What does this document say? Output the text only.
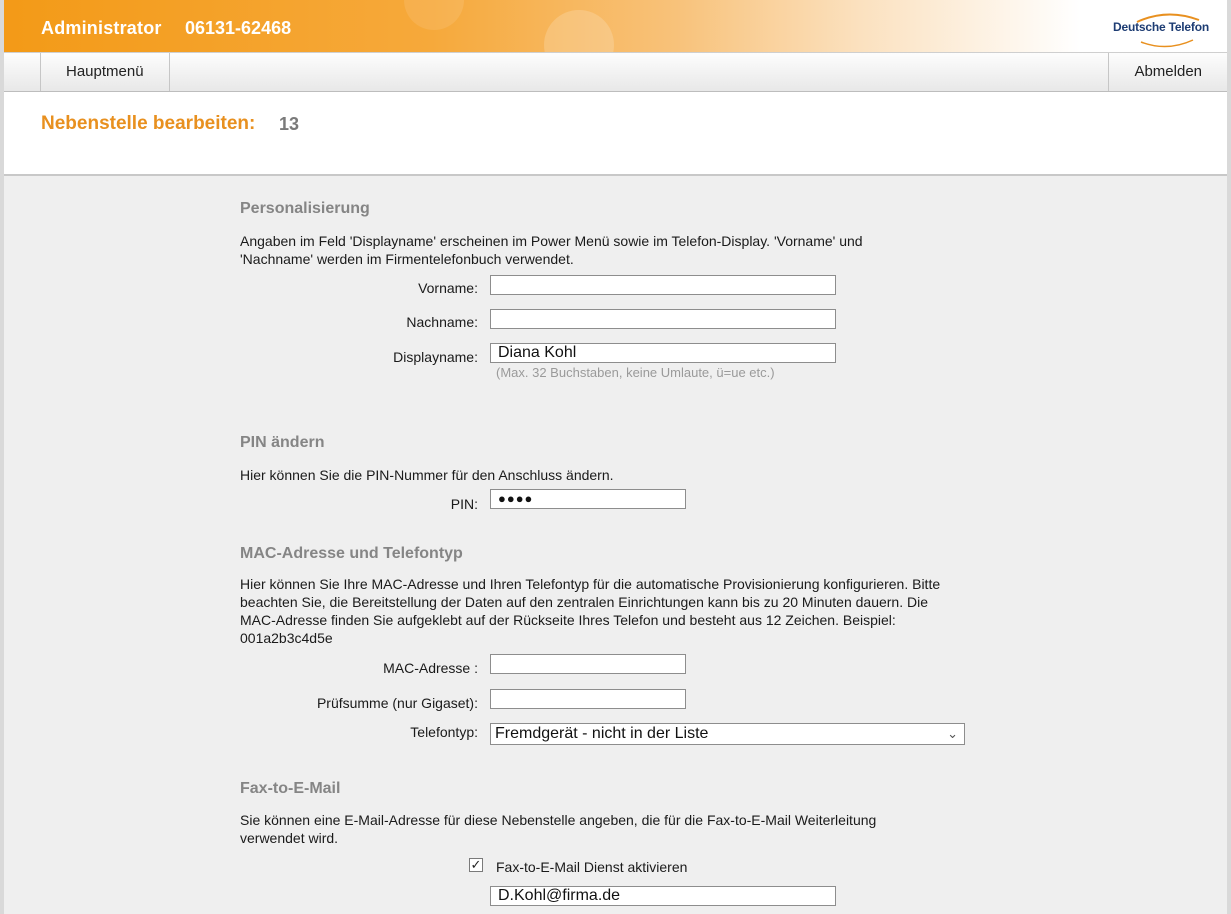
Administrator 06131-62468	Deutsche Telefon
Hauptmenü	Abmelden
Nebenstelle bearbeiten: 13
Personalisierung
Angaben im Feld 'Displayname' erscheinen im Power Menü sowie im Telefon-Display. 'Vorname' und
'Nachname' werden im Firmentelefonbuch verwendet.
Vorname:
Nachname:
Displayname:	Diana Kohl
(Max. 32 Buchstaben, keine Umlaute, ü=ue etc.)
PIN ändern
Hier können Sie die PIN-Nummer für den Anschluss ändern.
PIN:	●●●●
MAC-Adresse und Telefontyp
Hier können Sie Ihre MAC-Adresse und Ihren Telefontyp für die automatische Provisionierung konfigurieren. Bitte
beachten Sie, die Bereitstellung der Daten auf den zentralen Einrichtungen kann bis zu 20 Minuten dauern. Die
MAC-Adresse finden Sie aufgeklebt auf der Rückseite Ihres Telefon und besteht aus 12 Zeichen. Beispiel:
001a2b3c4d5e
MAC-Adresse :
Prüfsumme (nur Gigaset):
Telefontyp:	Fremdgerät - nicht in der Liste	⌄
Fax-to-E-Mail
Sie können eine E-Mail-Adresse für diese Nebenstelle angeben, die für die Fax-to-E-Mail Weiterleitung
verwendet wird.
✓ Fax-to-E-Mail Dienst aktivieren
D.Kohl@firma.de
